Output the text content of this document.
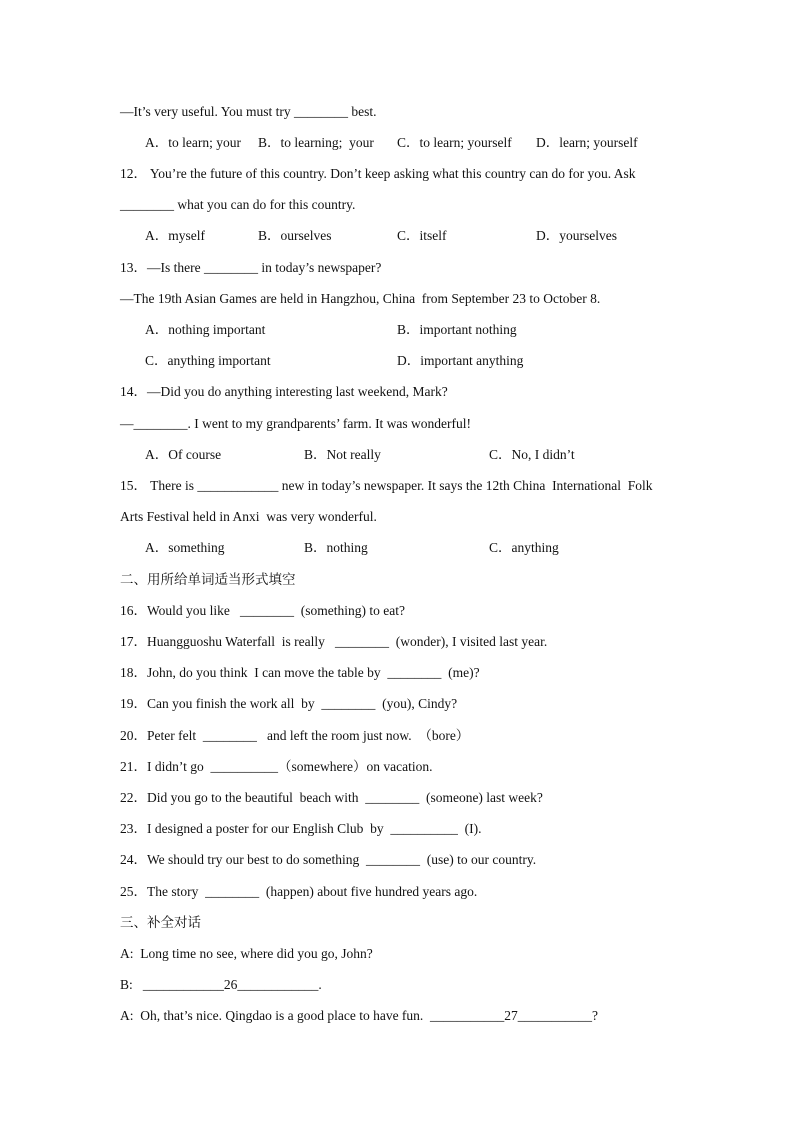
—It’s very useful. You must try ________ best.
A．to learn; your B．to learning;  your C．to learn; yourself D．learn; yourself
12． You’re the future of this country. Don’t keep asking what this country can do for you. Ask
________ what you can do for this country.
A．myself	B．ourselves	C．itself	D．yourselves
13．—Is there ________ in today’s newspaper?
—The 19th Asian Games are held in Hangzhou, China  from September 23 to October 8.
A．nothing important	B．important nothing
C．anything important	D．important anything
14．—Did you do anything interesting last weekend, Mark?
—________. I went to my grandparents’ farm. It was wonderful!
A．Of course	B．Not really	C．No, I didn’t
15． There is ____________ new in today’s newspaper. It says the 12th China  International  Folk
Arts Festival held in Anxi  was very wonderful.
A．something	B．nothing	C．anything
二、用所给单词适当形式填空
16．Would you like   ________  (something) to eat?
17．Huangguoshu Waterfall  is really   ________  (wonder), I visited last year.
18．John, do you think  I can move the table by  ________  (me)?
19．Can you finish the work all  by  ________  (you), Cindy?
20．Peter felt  ________   and left the room just now.  （bore）
21．I didn’t go  __________（somewhere）on vacation.
22．Did you go to the beautiful  beach with  ________  (someone) last week?
23．I designed a poster for our English Club  by  __________  (I).
24．We should try our best to do something  ________  (use) to our country.
25．The story  ________  (happen) about five hundred years ago.
三、补全对话
A:  Long time no see, where did you go, John?
B:   ____________26____________.
A:  Oh, that’s nice. Qingdao is a good place to have fun.  ___________27___________?
